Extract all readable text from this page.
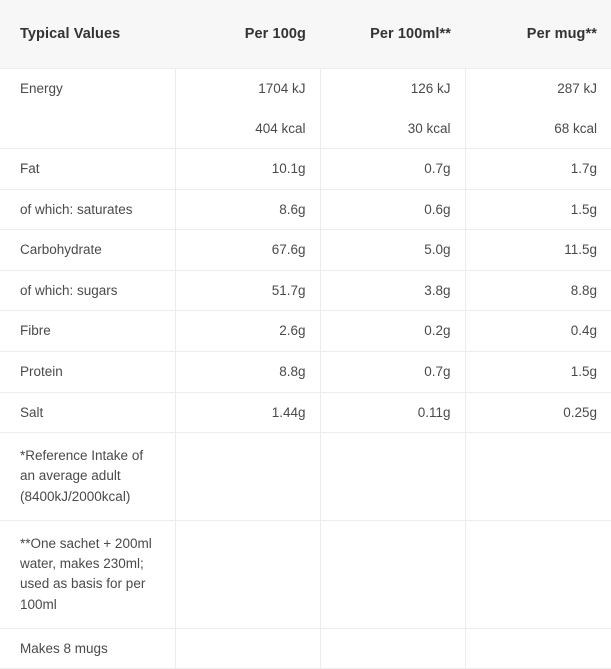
Typical Values	Per 100g	Per 100ml**	Per mug**
Energy	1704 kJ	126 kJ	287 kJ
	404 kcal	30 kcal	68 kcal
Fat	10.1g	0.7g	1.7g
of which: saturates	8.6g	0.6g	1.5g
Carbohydrate	67.6g	5.0g	11.5g
of which: sugars	51.7g	3.8g	8.8g
Fibre	2.6g	0.2g	0.4g
Protein	8.8g	0.7g	1.5g
Salt	1.44g	0.11g	0.25g
*Reference Intake of an average adult (8400kJ/2000kcal)			
**One sachet + 200ml water, makes 230ml; used as basis for per 100ml			
Makes 8 mugs			
